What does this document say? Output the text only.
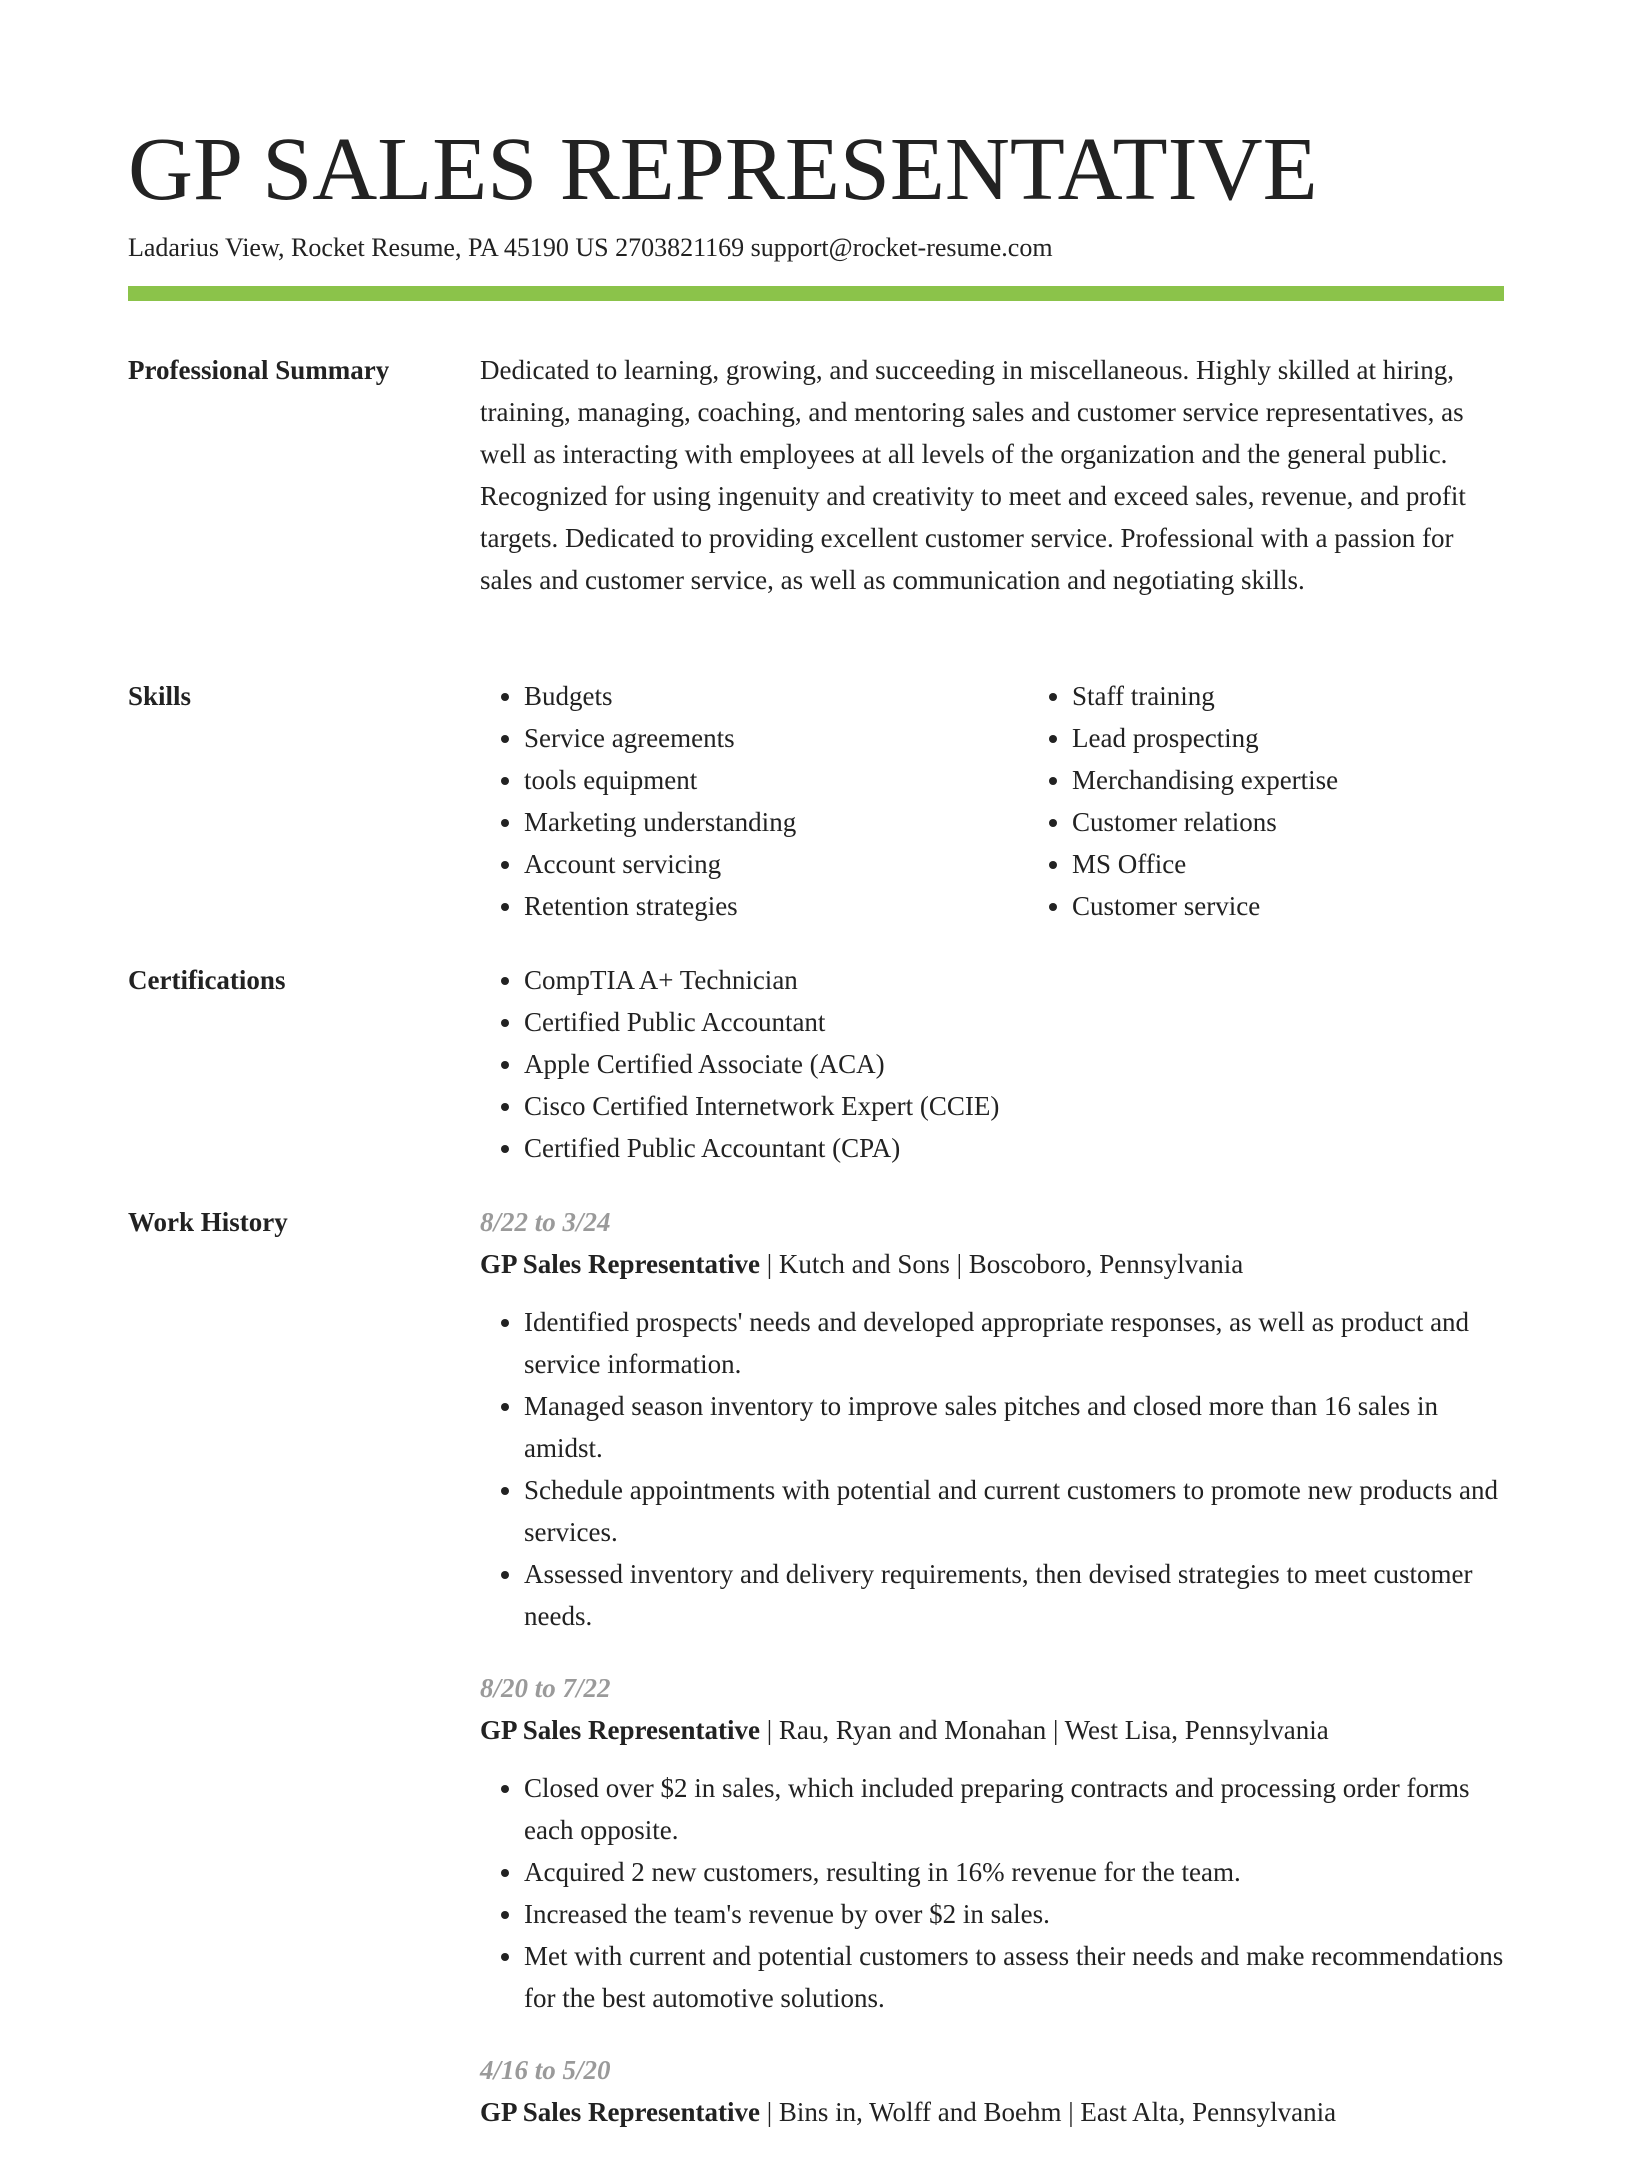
GP SALES REPRESENTATIVE
Ladarius View, Rocket Resume, PA 45190 US 2703821169 support@rocket-resume.com
Professional Summary	Dedicated to learning, growing, and succeeding in miscellaneous. Highly skilled at hiring, training, managing, coaching, and mentoring sales and customer service representatives, as well as interacting with employees at all levels of the organization and the general public. Recognized for using ingenuity and creativity to meet and exceed sales, revenue, and profit targets. Dedicated to providing excellent customer service. Professional with a passion for sales and customer service, as well as communication and negotiating skills.

Skills	• Budgets
• Service agreements
• tools equipment
• Marketing understanding
• Account servicing
• Retention strategies
• Staff training
• Lead prospecting
• Merchandising expertise
• Customer relations
• MS Office
• Customer service
Certifications	• CompTIA A+ Technician
• Certified Public Accountant
• Apple Certified Associate (ACA)
• Cisco Certified Internetwork Expert (CCIE)
• Certified Public Accountant (CPA)
Work History	8/22 to 3/24
GP Sales Representative | Kutch and Sons | Boscoboro, Pennsylvania
• Identified prospects' needs and developed appropriate responses, as well as product and service information.
• Managed season inventory to improve sales pitches and closed more than 16 sales in amidst.
• Schedule appointments with potential and current customers to promote new products and services.
• Assessed inventory and delivery requirements, then devised strategies to meet customer needs.
8/20 to 7/22
GP Sales Representative | Rau, Ryan and Monahan | West Lisa, Pennsylvania
• Closed over $2 in sales, which included preparing contracts and processing order forms each opposite.
• Acquired 2 new customers, resulting in 16% revenue for the team.
• Increased the team's revenue by over $2 in sales.
• Met with current and potential customers to assess their needs and make recommendations for the best automotive solutions.
4/16 to 5/20
GP Sales Representative | Bins in, Wolff and Boehm | East Alta, Pennsylvania
